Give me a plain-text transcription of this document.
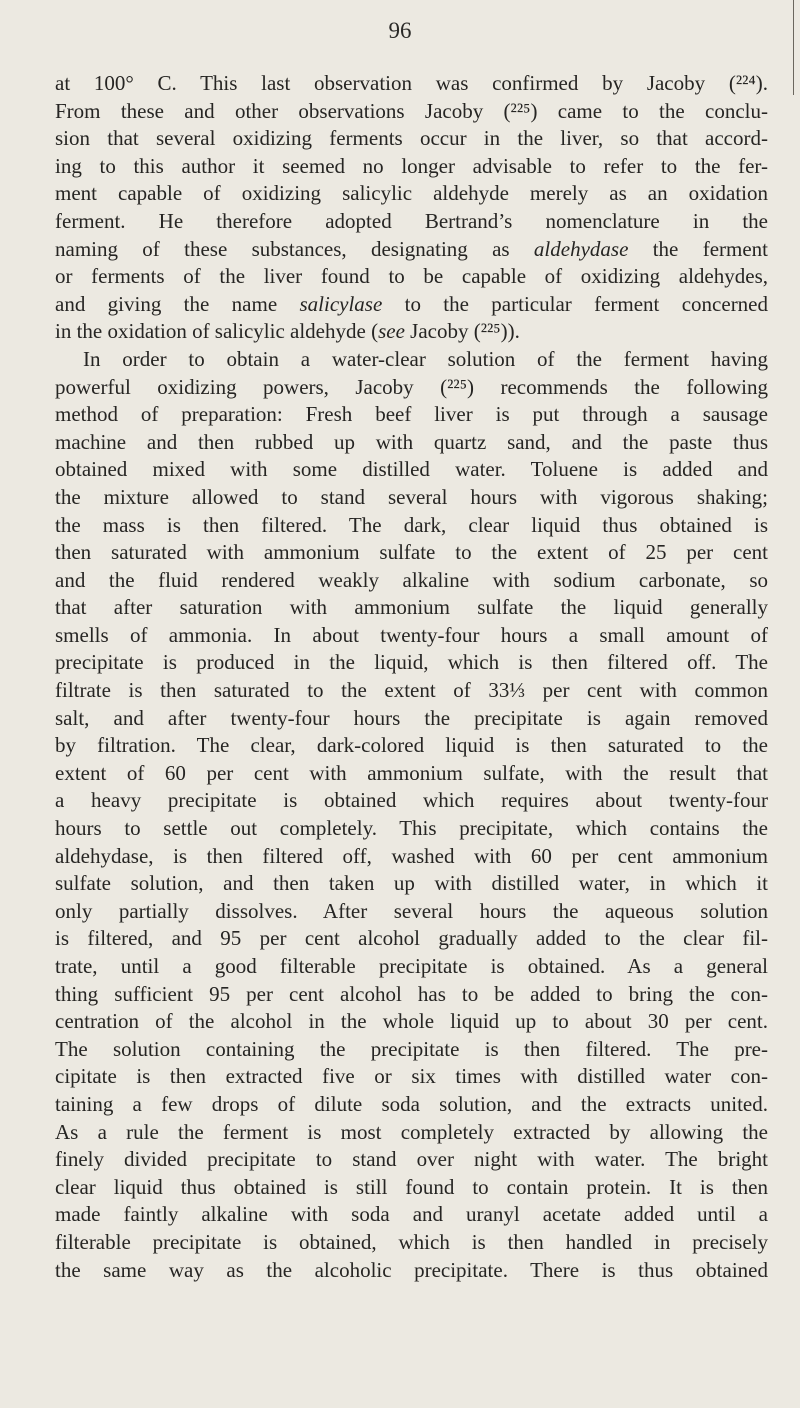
96
at 100° C. This last observation was confirmed by Jacoby (²²⁴).
From these and other observations Jacoby (²²⁵) came to the conclu-
sion that several oxidizing ferments occur in the liver, so that accord-
ing to this author it seemed no longer advisable to refer to the fer-
ment capable of oxidizing salicylic aldehyde merely as an oxidation
ferment. He therefore adopted Bertrand’s nomenclature in the
naming of these substances, designating as aldehydase the ferment
or ferments of the liver found to be capable of oxidizing aldehydes,
and giving the name salicylase to the particular ferment concerned
in the oxidation of salicylic aldehyde (see Jacoby (²²⁵)).
In order to obtain a water-clear solution of the ferment having
powerful oxidizing powers, Jacoby (²²⁵) recommends the following
method of preparation: Fresh beef liver is put through a sausage
machine and then rubbed up with quartz sand, and the paste thus
obtained mixed with some distilled water. Toluene is added and
the mixture allowed to stand several hours with vigorous shaking;
the mass is then filtered. The dark, clear liquid thus obtained is
then saturated with ammonium sulfate to the extent of 25 per cent
and the fluid rendered weakly alkaline with sodium carbonate, so
that after saturation with ammonium sulfate the liquid generally
smells of ammonia. In about twenty-four hours a small amount of
precipitate is produced in the liquid, which is then filtered off. The
filtrate is then saturated to the extent of 33⅓ per cent with common
salt, and after twenty-four hours the precipitate is again removed
by filtration. The clear, dark-colored liquid is then saturated to the
extent of 60 per cent with ammonium sulfate, with the result that
a heavy precipitate is obtained which requires about twenty-four
hours to settle out completely. This precipitate, which contains the
aldehydase, is then filtered off, washed with 60 per cent ammonium
sulfate solution, and then taken up with distilled water, in which it
only partially dissolves. After several hours the aqueous solution
is filtered, and 95 per cent alcohol gradually added to the clear fil-
trate, until a good filterable precipitate is obtained. As a general
thing sufficient 95 per cent alcohol has to be added to bring the con-
centration of the alcohol in the whole liquid up to about 30 per cent.
The solution containing the precipitate is then filtered. The pre-
cipitate is then extracted five or six times with distilled water con-
taining a few drops of dilute soda solution, and the extracts united.
As a rule the ferment is most completely extracted by allowing the
finely divided precipitate to stand over night with water. The bright
clear liquid thus obtained is still found to contain protein. It is then
made faintly alkaline with soda and uranyl acetate added until a
filterable precipitate is obtained, which is then handled in precisely
the same way as the alcoholic precipitate. There is thus obtained
